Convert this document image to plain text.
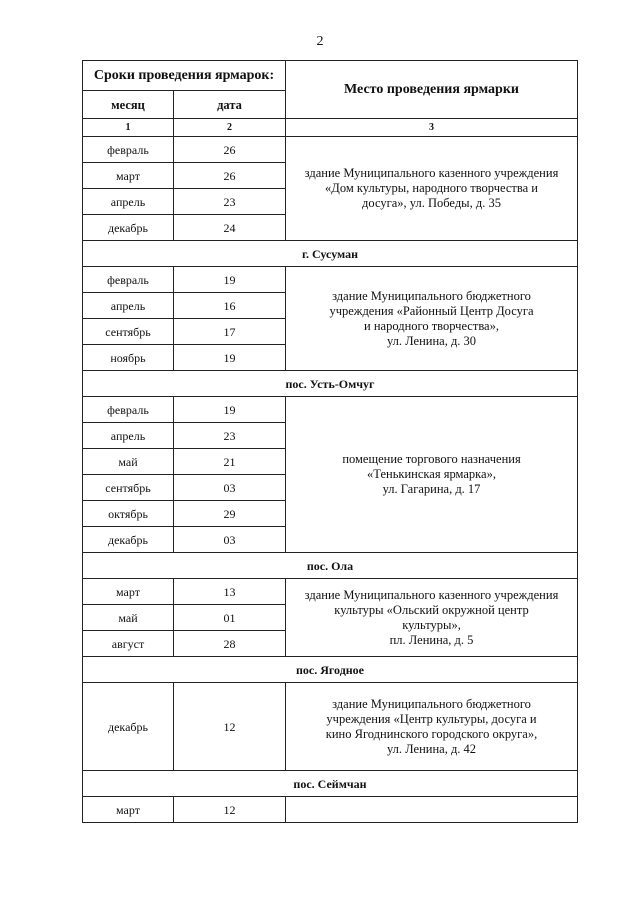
2
Сроки проведения ярмарок:		Место проведения ярмарки
месяц	дата	
1	2	3
февраль	26	здание Муниципального казенного учреждения
«Дом культуры, народного творчества и
досуга», ул. Победы, д. 35

март	26	
апрель	23	
декабрь	24	
г. Сусуман		
февраль	19	здание Муниципального бюджетного
учреждения «Районный Центр Досуга
и народного творчества»,
ул. Ленина, д. 30

апрель	16	
сентябрь	17	
ноябрь	19	
пос. Усть-Омчуг		
февраль	19	помещение торгового назначения
«Тенькинская ярмарка»,
ул. Гагарина, д. 17

апрель	23	
май	21	
сентябрь	03	
октябрь	29	
декабрь	03	
пос. Ола		
март	13	здание Муниципального казенного учреждения
культуры «Ольский окружной центр
культуры»,
пл. Ленина, д. 5

май	01	
август	28	
пос. Ягодное		
декабрь	12	здание Муниципального бюджетного
учреждения «Центр культуры, досуга и
кино Ягоднинского городского округа»,
ул. Ленина, д. 42

пос. Сеймчан		
март	12	
